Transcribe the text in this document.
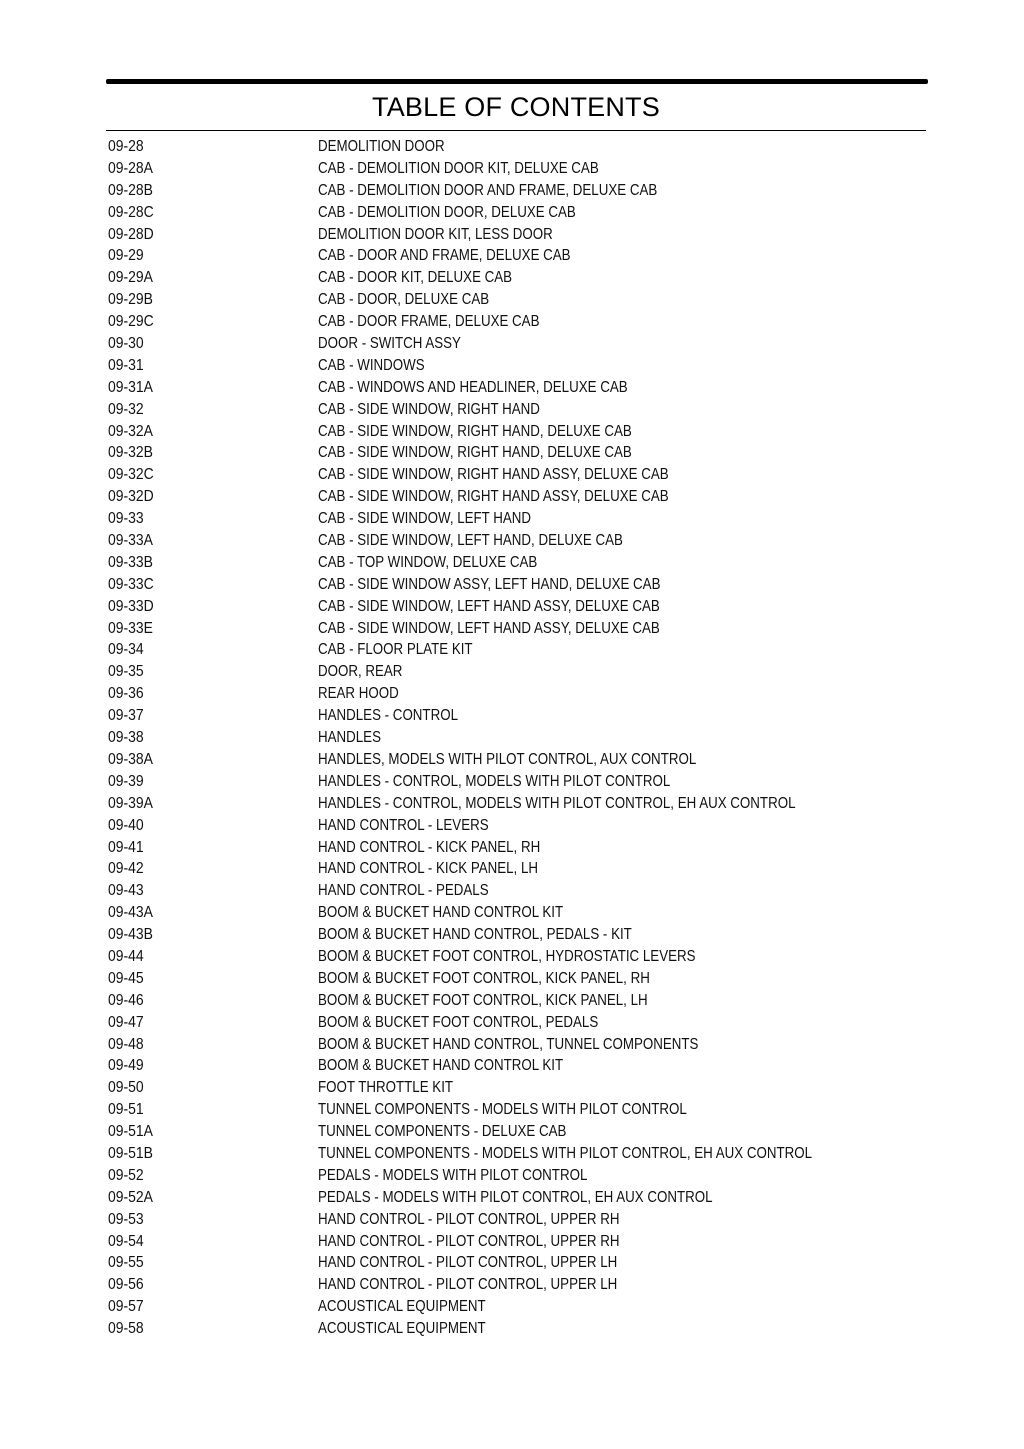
TABLE OF CONTENTS
09-28	DEMOLITION DOOR
09-28A	CAB - DEMOLITION DOOR KIT, DELUXE CAB
09-28B	CAB - DEMOLITION DOOR AND FRAME, DELUXE CAB
09-28C	CAB - DEMOLITION DOOR, DELUXE CAB
09-28D	DEMOLITION DOOR KIT, LESS DOOR
09-29	CAB - DOOR AND FRAME, DELUXE CAB
09-29A	CAB - DOOR KIT, DELUXE CAB
09-29B	CAB - DOOR, DELUXE CAB
09-29C	CAB - DOOR FRAME, DELUXE CAB
09-30	DOOR - SWITCH ASSY
09-31	CAB - WINDOWS
09-31A	CAB - WINDOWS AND HEADLINER, DELUXE CAB
09-32	CAB - SIDE WINDOW, RIGHT HAND
09-32A	CAB - SIDE WINDOW, RIGHT HAND, DELUXE CAB
09-32B	CAB - SIDE WINDOW, RIGHT HAND, DELUXE CAB
09-32C	CAB - SIDE WINDOW, RIGHT HAND ASSY, DELUXE CAB
09-32D	CAB - SIDE WINDOW, RIGHT HAND ASSY, DELUXE CAB
09-33	CAB - SIDE WINDOW, LEFT HAND
09-33A	CAB - SIDE WINDOW, LEFT HAND, DELUXE CAB
09-33B	CAB - TOP WINDOW, DELUXE CAB
09-33C	CAB - SIDE WINDOW ASSY, LEFT HAND, DELUXE CAB
09-33D	CAB - SIDE WINDOW, LEFT HAND ASSY, DELUXE CAB
09-33E	CAB - SIDE WINDOW, LEFT HAND ASSY, DELUXE CAB
09-34	CAB - FLOOR PLATE KIT
09-35	DOOR, REAR
09-36	REAR HOOD
09-37	HANDLES - CONTROL
09-38	HANDLES
09-38A	HANDLES, MODELS WITH PILOT CONTROL, AUX CONTROL
09-39	HANDLES - CONTROL, MODELS WITH PILOT CONTROL
09-39A	HANDLES - CONTROL, MODELS WITH PILOT CONTROL, EH AUX CONTROL
09-40	HAND CONTROL - LEVERS
09-41	HAND CONTROL - KICK PANEL, RH
09-42	HAND CONTROL - KICK PANEL, LH
09-43	HAND CONTROL - PEDALS
09-43A	BOOM & BUCKET HAND CONTROL KIT
09-43B	BOOM & BUCKET HAND CONTROL, PEDALS - KIT
09-44	BOOM & BUCKET FOOT CONTROL, HYDROSTATIC LEVERS
09-45	BOOM & BUCKET FOOT CONTROL, KICK PANEL, RH
09-46	BOOM & BUCKET FOOT CONTROL, KICK PANEL, LH
09-47	BOOM & BUCKET FOOT CONTROL, PEDALS
09-48	BOOM & BUCKET HAND CONTROL, TUNNEL COMPONENTS
09-49	BOOM & BUCKET HAND CONTROL KIT
09-50	FOOT THROTTLE KIT
09-51	TUNNEL COMPONENTS - MODELS WITH PILOT CONTROL
09-51A	TUNNEL COMPONENTS - DELUXE CAB
09-51B	TUNNEL COMPONENTS - MODELS WITH PILOT CONTROL, EH AUX CONTROL
09-52	PEDALS - MODELS WITH PILOT CONTROL
09-52A	PEDALS - MODELS WITH PILOT CONTROL, EH AUX CONTROL
09-53	HAND CONTROL - PILOT CONTROL, UPPER RH
09-54	HAND CONTROL - PILOT CONTROL, UPPER RH
09-55	HAND CONTROL - PILOT CONTROL, UPPER LH
09-56	HAND CONTROL - PILOT CONTROL, UPPER LH
09-57	ACOUSTICAL EQUIPMENT
09-58	ACOUSTICAL EQUIPMENT
